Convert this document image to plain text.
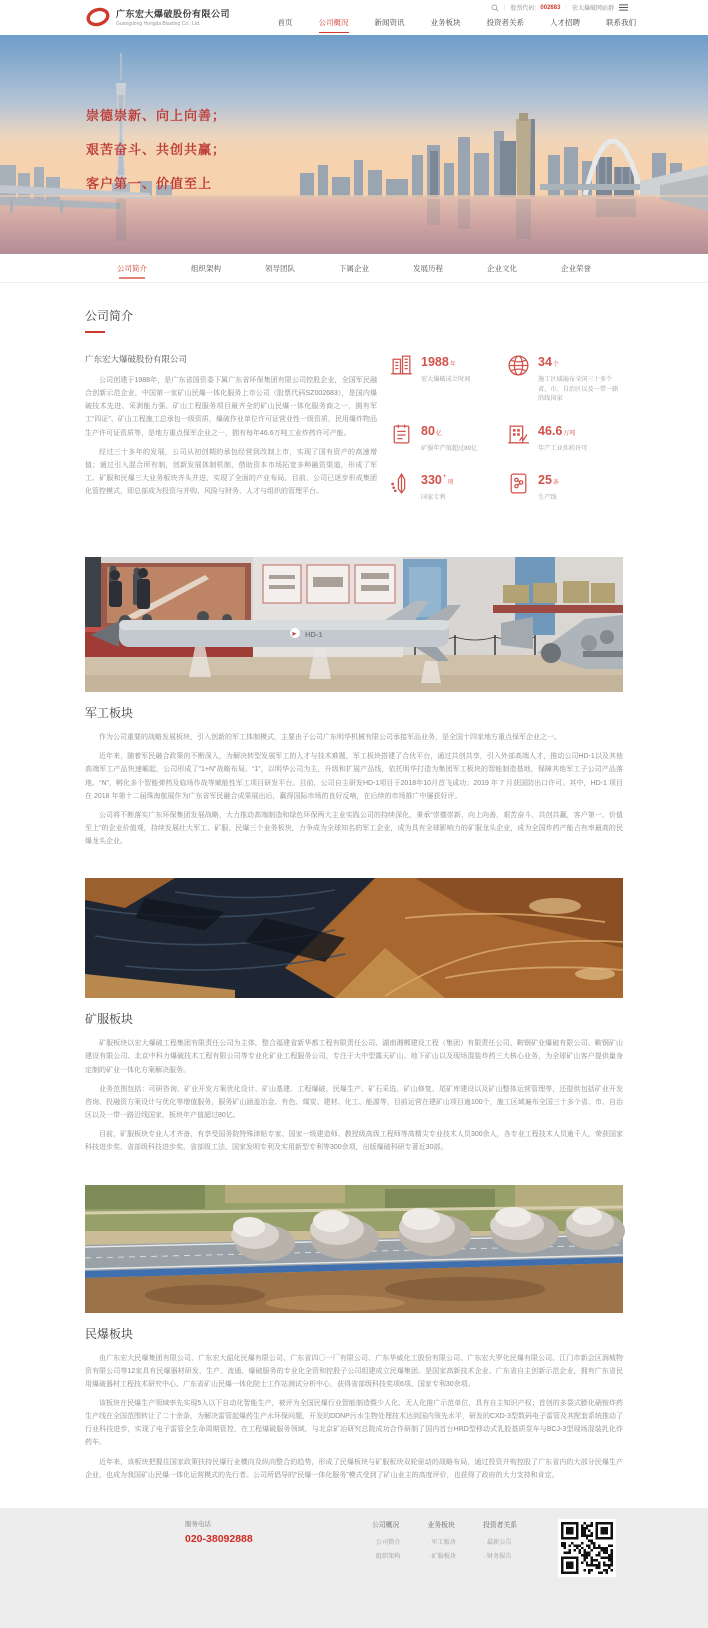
广东宏大爆破股份有限公司
Guangdong Hongda Blasting Co., Ltd.
| 股票代码： 002683 | 宏大爆破网站群
首页	公司概况	新闻资讯	业务板块	投资者关系	人才招聘	联系我们
崇德崇新、向上向善；
艰苦奋斗、共创共赢；
客户第一、价值至上
公司简介	组织架构	领导团队	下属企业	发展历程	企业文化	企业荣誉
公司简介
广东宏大爆破股份有限公司

公司创建于1988年，是广东省国资委下属广东省环保集团有限公司控股企业，全国军民融合创新示范企业，中国第一家矿山民爆一体化服务上市公司（股票代码SZ002683），是国内爆破技术先进、采剥能力强、矿山工程服务项目最齐全的矿山民爆一体化服务商之一，拥有军工“四证”、矿山工程施工总承包一级资质，爆破作业单位许可证营业性一级资质，民用爆炸物品生产许可证资质等，是地方重点保军企业之一，拥有每年46.6万吨工业炸药许可产能。

经过三十多年的发展，公司从初创期的承包经营到改制上市，实现了国有资产的高速增值；通过引入混合所有制，创新发展体制机制，借助资本市场拓宽多种融资渠道，形成了军工、矿服和民爆三大业务板块齐头并进，实现了全面的产业布局。目前，公司已逐步形成集团化管控模式，即总部成为投资与并购、风险与财务、人才与组织的管理平台。

1988年
宏大爆破成立时间
34个
施工区域遍布全国三十多个省、市、自治区以及一带一路沿线国家
80亿
矿服年产值超过80亿
46.6万吨
年产工业炸药许可
330+项
国家专利
25条
生产线
➤ HD-1
军工板块

作为公司重要的战略发展板块，引入创新的军工体制模式，主要由子公司广东明华机械有限公司承接军品业务，是全国十四家地方重点保军企业之一。

近年来，随着军民融合政策的不断深入，为解决转型发展军工的人才与技术难题，军工板块搭建了合伙平台，通过共创共享，引入外部高端人才，推动公司HD-1以及其他高端军工产品快速崛起，公司形成了“1+N”战略布局。“1”，以明华公司为主，升级和扩展产品线，依托明华打造为集团军工板块的智能制造基地，保障其他军工子公司产品落地。“N”，孵化多个智能弹药及临场作战等赋能性军工项目研发平台。目前，公司自主研发HD-1项目于2018年10月首飞成功；2019 年 7 月获国防出口许可。其中，HD-1 项目在 2018 年第十二届珠海航展作为广东省军民融合成果展出后，赢得国际市场的良好反响，在后续的市场推广中屡获好评。

公司将不断落实广东环保集团发展战略，大力推动高端制造和绿色环保两大主业实践公司的持续深化，秉承“崇德崇新、向上向善，艰苦奋斗、共创共赢，客户第一、价值至上”的企业价值观，持续发展壮大军工、矿服、民爆三个业务板块，力争成为全球知名的军工企业，成为具有全球影响力的矿服龙头企业，成为全国炸药产能占有率最高的民爆龙头企业。

矿服板块

矿服板块以宏大爆破工程集团有限责任公司为主体，整合福建省新华都工程有限责任公司、湖南湘郴建设工程（集团）有限责任公司、鞍钢矿业爆破有限公司、鞍钢矿山建设有限公司、北京中科力爆破技术工程有限公司等专业化矿业工程服务公司，专注于大中型露天矿山、地下矿山以及现场混装炸药三大核心业务，为全球矿山客户提供量身定制的矿业一体化方案解决服务。

业务范围包括：可研咨询、矿业开发方案优化设计、矿山基建、工程爆破、民爆生产、矿石采选、矿山修复、尾矿库建设以及矿山整体运营管理等，还提供包括矿业开发咨询、投融资方案设计与优化等增值服务，服务矿山涵盖冶金、有色、煤炭、建材、化工、能源等，目前运营在建矿山项目逾100个，施工区域遍布全国三十多个省、市、自治区以及一带一路沿线国家，板块年产值超过80亿。

目前，矿服板块专业人才齐备，有享受国务院特殊津贴专家、国家一级建造师、教授级高级工程师等高精尖专业技术人员300余人，各专业工程技术人员逾千人，荣获国家科技进步奖、省部级科技进步奖、省部级工法、国家发明专利及实用新型专利等300余项，出版爆破科研专著近30部。

民爆板块

由广东宏大民爆集团有限公司、广东宏大韶化民爆有限公司、广东省四〇一厂有限公司、广东华威化工股份有限公司、广东宏大罗化民爆有限公司、江门市新会区润城物资有限公司等12家具有民爆器材研发、生产、流通、爆破服务的专业化全资和控股子公司组建成立民爆集团。是国家高新技术企业、广东省自主创新示范企业，拥有广东省民用爆破器材工程技术研究中心、广东省矿山民爆一体化院士工作站测试分析中心，获得省部级科技奖项6项、国家专利30余项。

该板块在民爆生产领域率先实现5人以下自动化智能生产，被评为全国民爆行业智能制造暨少人化、无人化推广示范单位，具有自主知识产权；首创的多袋式膨化硝铵炸药生产线在全国范围转让了二十余条，为解决雷管起爆药生产水环保问题，开发的DDNP污水生物处理技术达到国内领先水平，研发的CXD-3型数码电子雷管及其配套系统推动了行业科技进步，实现了电子雷管全生命周期管控，在工程爆破服务领域，与北京矿冶研究总院成功合作研制了国内首台HRD型移动式乳胶基质泵车与BCJ-3型现场混装乳化炸药车。

近年来，该板块把握住国家政策扶持民爆行业横向及纵向整合的趋势，形成了民爆板块与矿服板块双轮驱动的战略布局，通过投资并购控股了广东省内的大部分民爆生产企业，也成为我国矿山民爆一体化运营模式的先行者。公司所倡导的“民爆一体化服务”模式受到了矿山业主的高度评价，也获得了政府的大力支持和肯定。

服务电话
020-38092888
公司概况
· 公司简介
· 组织架构
业务板块
· 军工板块
· 矿服板块
投资者关系
· 最新公告
· 财务报告
